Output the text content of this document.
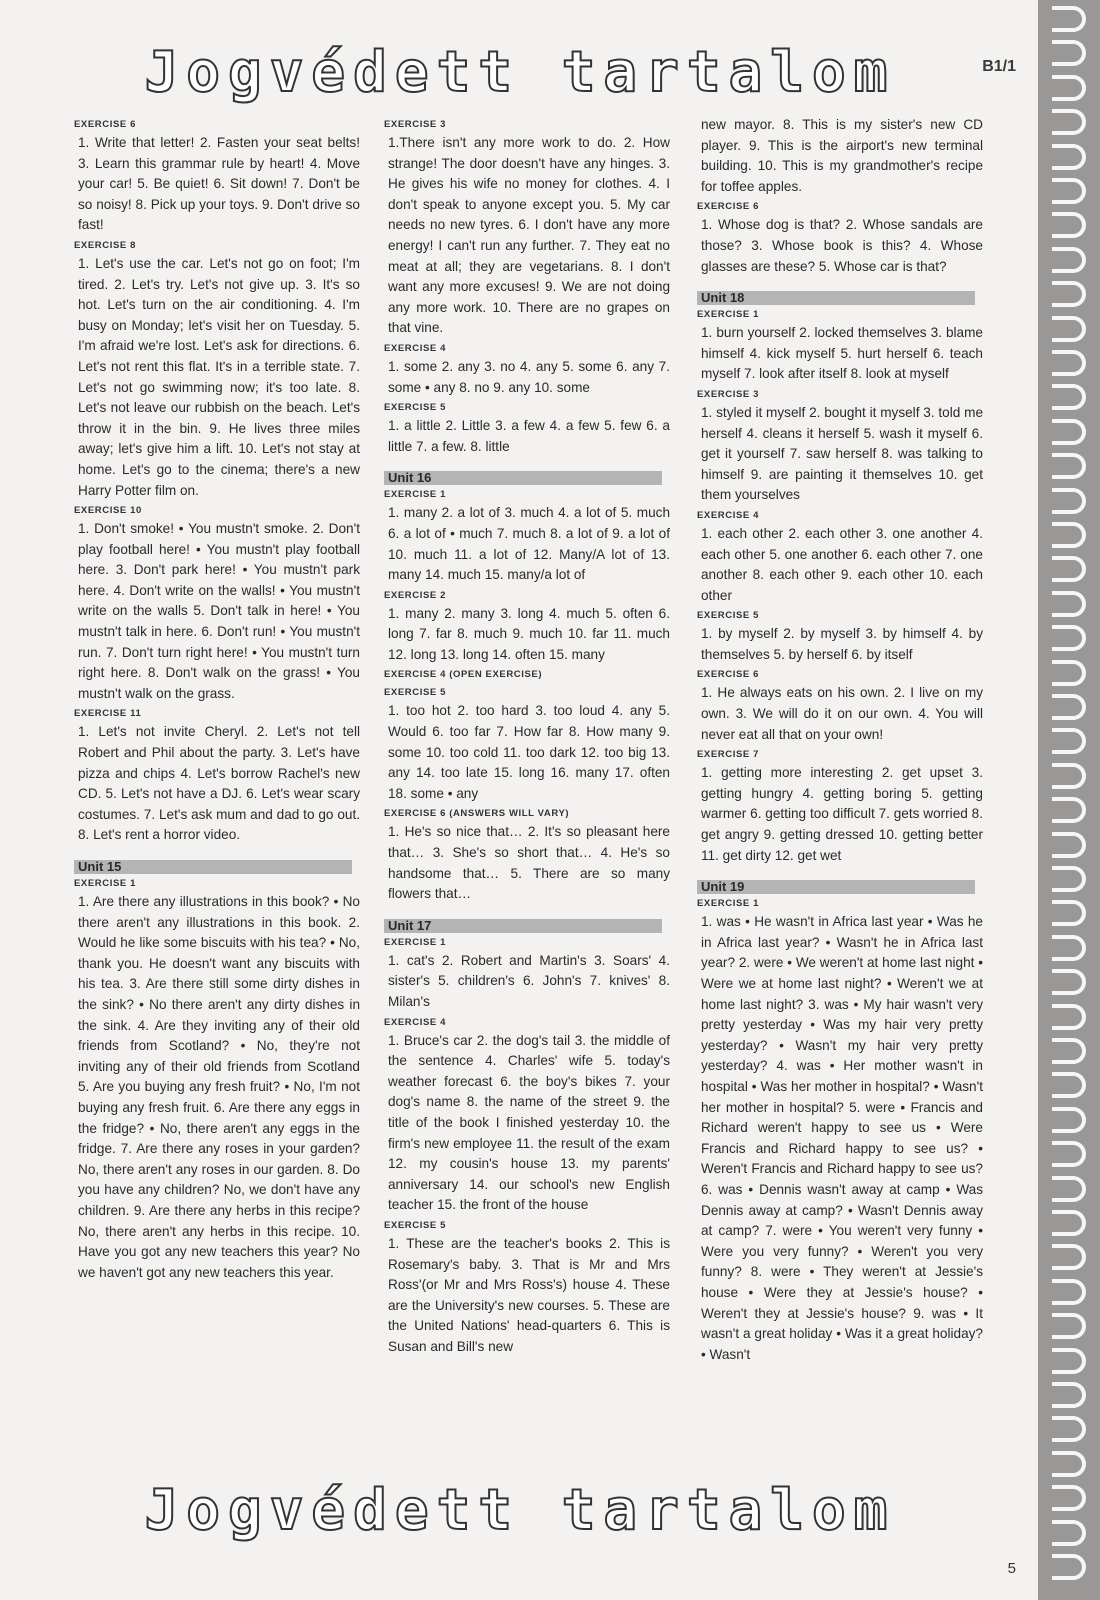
Jogvédett tartalom	B1/1
EXERCISE 6
1. Write that letter! 2. Fasten your seat belts! 3. Learn this grammar rule by heart! 4. Move your car! 5. Be quiet! 6. Sit down! 7. Don't be so noisy! 8. Pick up your toys. 9. Don't drive so fast!
EXERCISE 8
1. Let's use the car. Let's not go on foot; I'm tired. 2. Let's try. Let's not give up. 3. It's so hot. Let's turn on the air conditioning. 4. I'm busy on Monday; let's visit her on Tuesday. 5. I'm afraid we're lost. Let's ask for directions. 6. Let's not rent this flat. It's in a terrible state. 7. Let's not go swimming now; it's too late. 8. Let's not leave our rubbish on the beach. Let's throw it in the bin. 9. He lives three miles away; let's give him a lift. 10. Let's not stay at home. Let's go to the cinema; there's a new Harry Potter film on.
EXERCISE 10
1. Don't smoke! • You mustn't smoke. 2. Don't play football here! • You mustn't play football here. 3. Don't park here! • You mustn't park here. 4. Don't write on the walls! • You mustn't write on the walls 5. Don't talk in here! • You mustn't talk in here. 6. Don't run! • You mustn't run. 7. Don't turn right here! • You mustn't turn right here. 8. Don't walk on the grass! • You mustn't walk on the grass.
EXERCISE 11
1. Let's not invite Cheryl. 2. Let's not tell Robert and Phil about the party. 3. Let's have pizza and chips 4. Let's borrow Rachel's new CD. 5. Let's not have a DJ. 6. Let's wear scary costumes. 7. Let's ask mum and dad to go out. 8. Let's rent a horror video.
Unit 15
EXERCISE 1
1. Are there any illustrations in this book? • No there aren't any illustrations in this book. 2. Would he like some biscuits with his tea? • No, thank you. He doesn't want any biscuits with his tea. 3. Are there still some dirty dishes in the sink? • No there aren't any dirty dishes in the sink. 4. Are they inviting any of their old friends from Scotland? • No, they're not inviting any of their old friends from Scotland 5. Are you buying any fresh fruit? • No, I'm not buying any fresh fruit. 6. Are there any eggs in the fridge? • No, there aren't any eggs in the fridge. 7. Are there any roses in your garden? No, there aren't any roses in our garden. 8. Do you have any children? No, we don't have any children. 9. Are there any herbs in this recipe? No, there aren't any herbs in this recipe. 10. Have you got any new teachers this year? No we haven't got any new teachers this year.
EXERCISE 3
1.There isn't any more work to do. 2. How strange! The door doesn't have any hinges. 3. He gives his wife no money for clothes. 4. I don't speak to anyone except you. 5. My car needs no new tyres. 6. I don't have any more energy! I can't run any further. 7. They eat no meat at all; they are vegetarians. 8. I don't want any more excuses! 9. We are not doing any more work. 10. There are no grapes on that vine.
EXERCISE 4
1. some 2. any 3. no 4. any 5. some 6. any 7. some • any 8. no 9. any 10. some
EXERCISE 5
1. a little 2. Little 3. a few 4. a few 5. few 6. a little 7. a few. 8. little
Unit 16
EXERCISE 1
1. many 2. a lot of 3. much 4. a lot of 5. much 6. a lot of • much 7. much 8. a lot of 9. a lot of 10. much 11. a lot of 12. Many/A lot of 13. many 14. much 15. many/a lot of
EXERCISE 2
1. many 2. many 3. long 4. much 5. often 6. long 7. far 8. much 9. much 10. far 11. much 12. long 13. long 14. often 15. many
EXERCISE 4 (OPEN EXERCISE)
EXERCISE 5
1. too hot 2. too hard 3. too loud 4. any 5. Would 6. too far 7. How far 8. How many 9. some 10. too cold 11. too dark 12. too big 13. any 14. too late 15. long 16. many 17. often 18. some • any
EXERCISE 6 (ANSWERS WILL VARY)
1. He's so nice that… 2. It's so pleasant here that… 3. She's so short that… 4. He's so handsome that… 5. There are so many flowers that…
Unit 17
EXERCISE 1
1. cat's 2. Robert and Martin's 3. Soars' 4. sister's 5. children's 6. John's 7. knives' 8. Milan's
EXERCISE 4
1. Bruce's car 2. the dog's tail 3. the middle of the sentence 4. Charles' wife 5. today's weather forecast 6. the boy's bikes 7. your dog's name 8. the name of the street 9. the title of the book I finished yesterday 10. the firm's new employee 11. the result of the exam 12. my cousin's house 13. my parents' anniversary 14. our school's new English teacher 15. the front of the house
EXERCISE 5
1. These are the teacher's books 2. This is Rosemary's baby. 3. That is Mr and Mrs Ross'(or Mr and Mrs Ross's) house 4. These are the University's new courses. 5. These are the United Nations' head-quarters 6. This is Susan and Bill's new
new mayor. 8. This is my sister's new CD player. 9. This is the airport's new terminal building. 10. This is my grandmother's recipe for toffee apples.
EXERCISE 6
1. Whose dog is that? 2. Whose sandals are those? 3. Whose book is this? 4. Whose glasses are these? 5. Whose car is that?
Unit 18
EXERCISE 1
1. burn yourself 2. locked themselves 3. blame himself 4. kick myself 5. hurt herself 6. teach myself 7. look after itself 8. look at myself
EXERCISE 3
1. styled it myself 2. bought it myself 3. told me herself 4. cleans it herself 5. wash it myself 6. get it yourself 7. saw herself 8. was talking to himself 9. are painting it themselves 10. get them yourselves
EXERCISE 4
1. each other 2. each other 3. one another 4. each other 5. one another 6. each other 7. one another 8. each other 9. each other 10. each other
EXERCISE 5
1. by myself 2. by myself 3. by himself 4. by themselves 5. by herself 6. by itself
EXERCISE 6
1. He always eats on his own. 2. I live on my own. 3. We will do it on our own. 4. You will never eat all that on your own!
EXERCISE 7
1. getting more interesting 2. get upset 3. getting hungry 4. getting boring 5. getting warmer 6. getting too difficult 7. gets worried 8. get angry 9. getting dressed 10. getting better 11. get dirty 12. get wet
Unit 19
EXERCISE 1
1. was • He wasn't in Africa last year • Was he in Africa last year? • Wasn't he in Africa last year? 2. were • We weren't at home last night • Were we at home last night? • Weren't we at home last night? 3. was • My hair wasn't very pretty yesterday • Was my hair very pretty yesterday? • Wasn't my hair very pretty yesterday? 4. was • Her mother wasn't in hospital • Was her mother in hospital? • Wasn't her mother in hospital? 5. were • Francis and Richard weren't happy to see us • Were Francis and Richard happy to see us? • Weren't Francis and Richard happy to see us? 6. was • Dennis wasn't away at camp • Was Dennis away at camp? • Wasn't Dennis away at camp? 7. were • You weren't very funny • Were you very funny? • Weren't you very funny? 8. were • They weren't at Jessie's house • Were they at Jessie's house? • Weren't they at Jessie's house? 9. was • It wasn't a great holiday • Was it a great holiday? • Wasn't
Jogvédett tartalom
5
